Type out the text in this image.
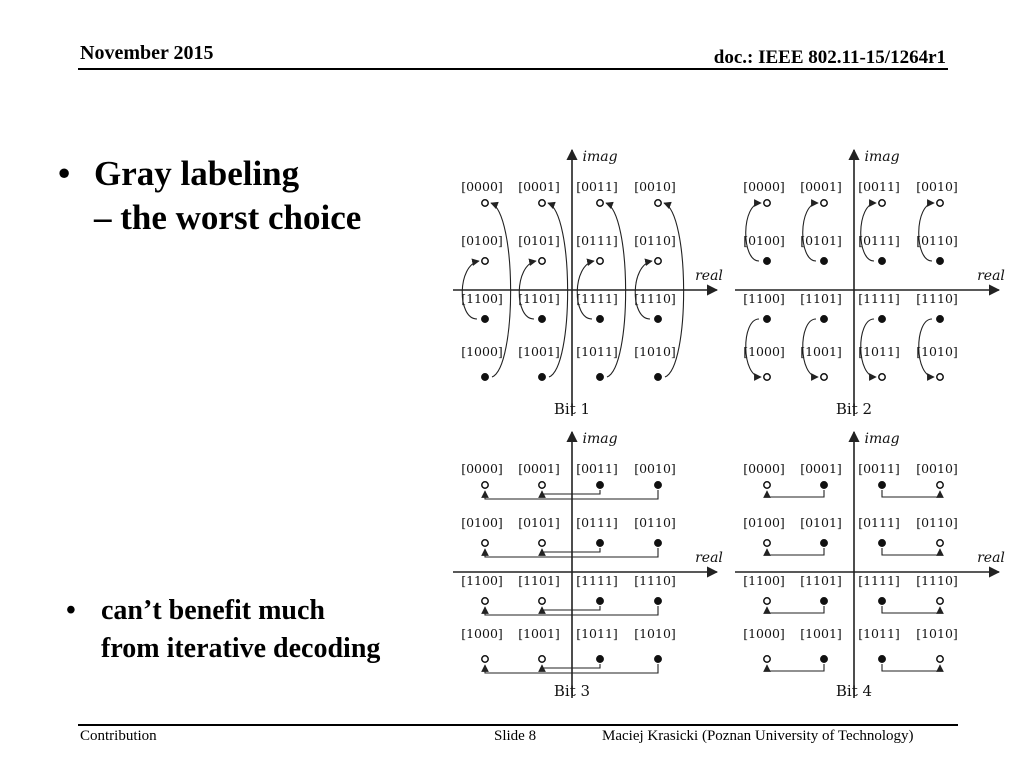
November 2015	doc.: IEEE 802.11-15/1264r1
• Gray labeling
– the worst choice
• can’t benefit much
from iterative decoding
imag
real
Bit 1
[0000] [0001] [0011] [0010]
[0100] [0101] [0111] [0110]
[1100] [1101] [1111] [1110]
[1000] [1001] [1011] [1010]
imag
real
Bit 2
[0000] [0001] [0011] [0010]
[0100] [0101] [0111] [0110]
[1100] [1101] [1111] [1110]
[1000] [1001] [1011] [1010]
imag
real
Bit 3
[0000] [0001] [0011] [0010]
[0100] [0101] [0111] [0110]
[1100] [1101] [1111] [1110]
[1000] [1001] [1011] [1010]
imag
real
Bit 4
[0000] [0001] [0011] [0010]
[0100] [0101] [0111] [0110]
[1100] [1101] [1111] [1110]
[1000] [1001] [1011] [1010]
Contribution	Slide 8	Maciej Krasicki (Poznan University of Technology)
